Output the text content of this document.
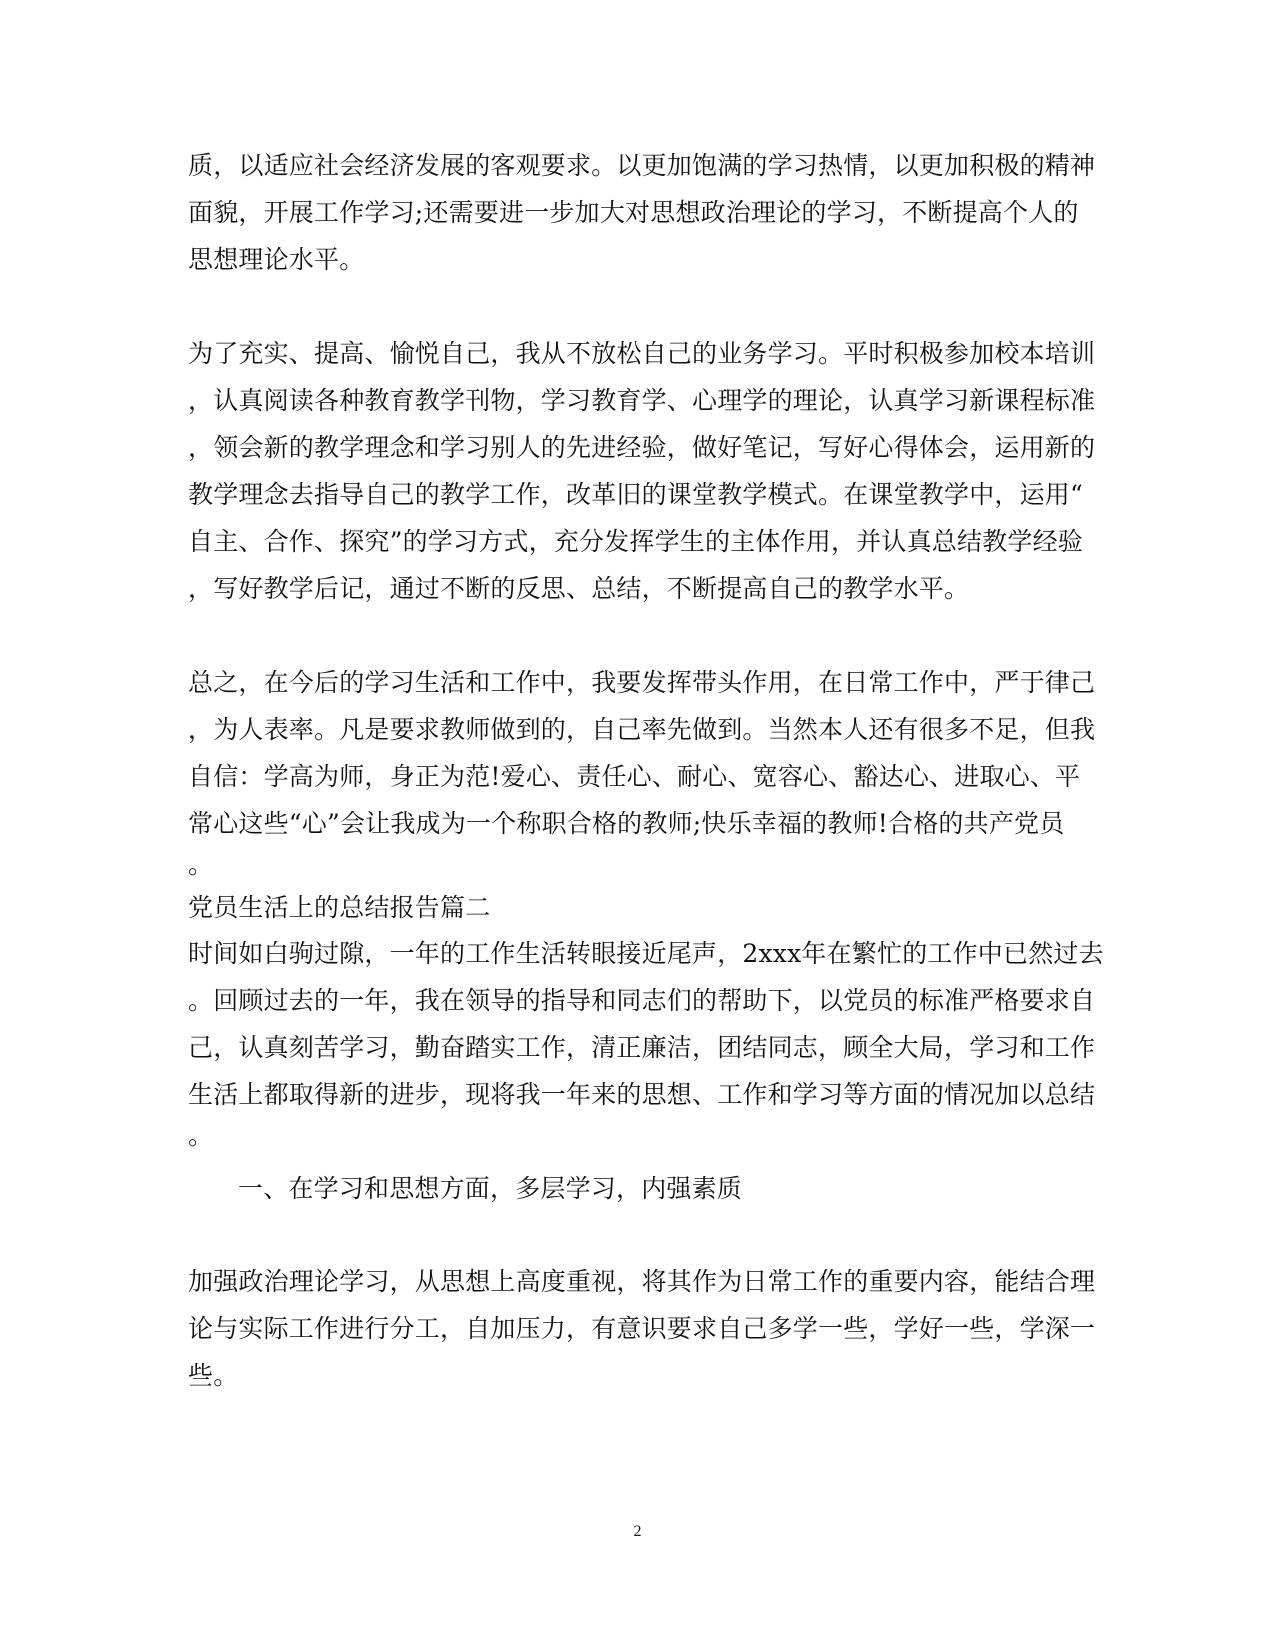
质，以适应社会经济发展的客观要求。以更加饱满的学习热情，以更加积极的精神
面貌，开展工作学习;还需要进一步加大对思想政治理论的学习，不断提高个人的
思想理论水平。
为了充实、提高、愉悦自己，我从不放松自己的业务学习。平时积极参加校本培训
，认真阅读各种教育教学刊物，学习教育学、心理学的理论，认真学习新课程标准
，领会新的教学理念和学习别人的先进经验，做好笔记，写好心得体会，运用新的
教学理念去指导自己的教学工作，改革旧的课堂教学模式。在课堂教学中，运用“
自主、合作、探究”的学习方式，充分发挥学生的主体作用，并认真总结教学经验
，写好教学后记，通过不断的反思、总结，不断提高自己的教学水平。
总之，在今后的学习生活和工作中，我要发挥带头作用，在日常工作中，严于律己
，为人表率。凡是要求教师做到的，自己率先做到。当然本人还有很多不足，但我
自信：学高为师，身正为范!爱心、责任心、耐心、宽容心、豁达心、进取心、平
常心这些“心”会让我成为一个称职合格的教师;快乐幸福的教师!合格的共产党员
。
党员生活上的总结报告篇二
时间如白驹过隙，一年的工作生活转眼接近尾声，2xxx年在繁忙的工作中已然过去
。回顾过去的一年，我在领导的指导和同志们的帮助下，以党员的标准严格要求自
己，认真刻苦学习，勤奋踏实工作，清正廉洁，团结同志，顾全大局，学习和工作
生活上都取得新的进步，现将我一年来的思想、工作和学习等方面的情况加以总结
。
一、在学习和思想方面，多层学习，内强素质
加强政治理论学习，从思想上高度重视，将其作为日常工作的重要内容，能结合理
论与实际工作进行分工，自加压力，有意识要求自己多学一些，学好一些，学深一
些。
2
